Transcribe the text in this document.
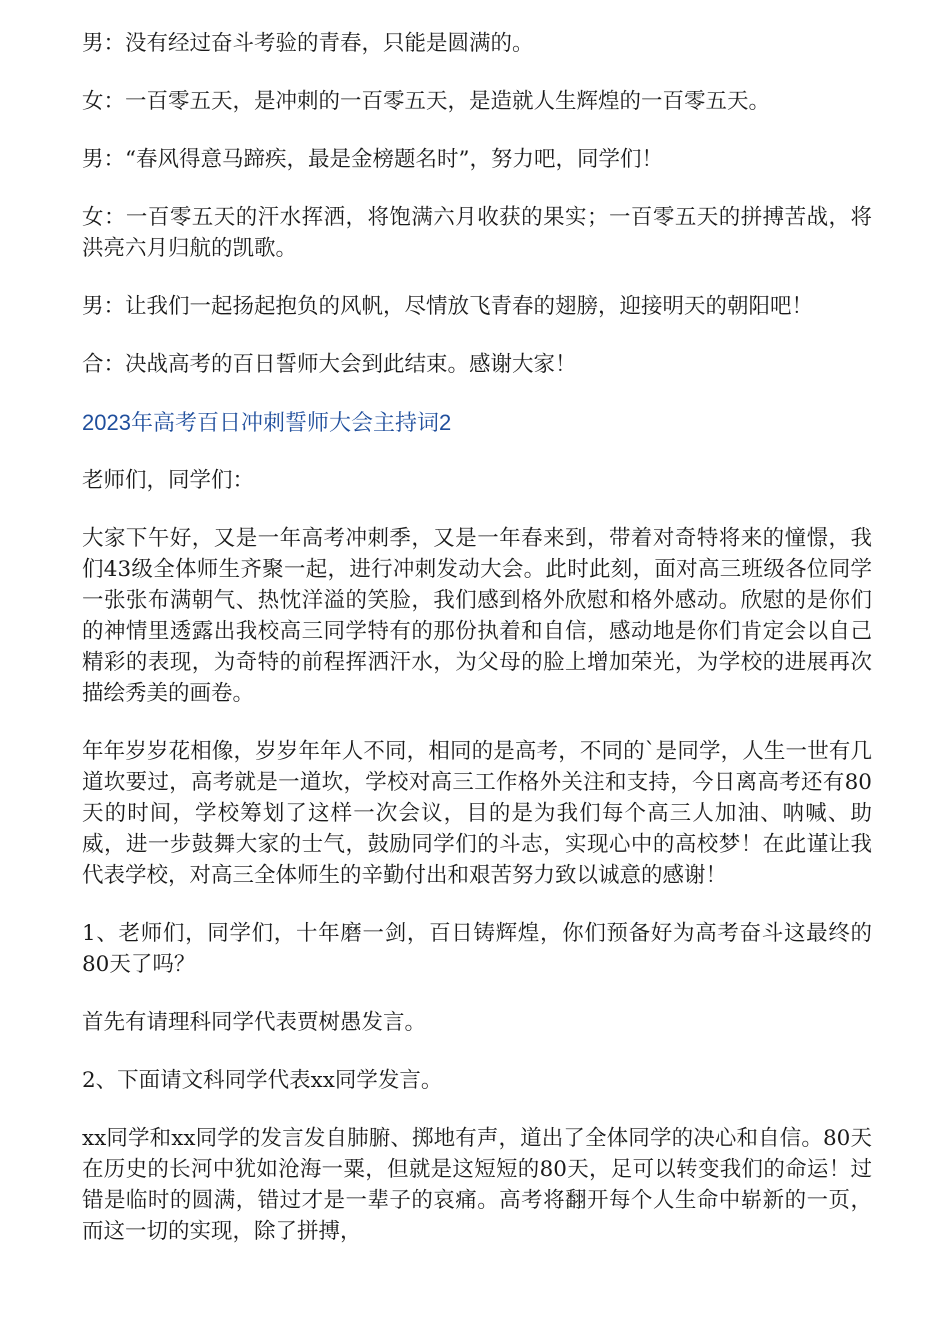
男：没有经过奋斗考验的青春，只能是圆满的。

女：一百零五天，是冲刺的一百零五天，是造就人生辉煌的一百零五天。

男：“春风得意马蹄疾，最是金榜题名时”，努力吧，同学们！

女：一百零五天的汗水挥洒，将饱满六月收获的果实；一百零五天的拼搏苦战，将洪亮六月归航的凯歌。

男：让我们一起扬起抱负的风帆，尽情放飞青春的翅膀，迎接明天的朝阳吧！

合：决战高考的百日誓师大会到此结束。感谢大家！

2023年高考百日冲刺誓师大会主持词2

老师们，同学们：

大家下午好，又是一年高考冲刺季，又是一年春来到，带着对奇特将来的憧憬，我们43级全体师生齐聚一起，进行冲刺发动大会。此时此刻，面对高三班级各位同学一张张布满朝气、热忱洋溢的笑脸，我们感到格外欣慰和格外感动。欣慰的是你们的神情里透露出我校高三同学特有的那份执着和自信，感动地是你们肯定会以自己精彩的表现，为奇特的前程挥洒汗水，为父母的脸上增加荣光，为学校的进展再次描绘秀美的画卷。

年年岁岁花相像，岁岁年年人不同，相同的是高考，不同的`是同学，人生一世有几道坎要过，高考就是一道坎，学校对高三工作格外关注和支持，今日离高考还有80天的时间，学校筹划了这样一次会议，目的是为我们每个高三人加油、呐喊、助威，进一步鼓舞大家的士气，鼓励同学们的斗志，实现心中的高校梦！在此谨让我代表学校，对高三全体师生的辛勤付出和艰苦努力致以诚意的感谢！

1、老师们，同学们，十年磨一剑，百日铸辉煌，你们预备好为高考奋斗这最终的80天了吗？

首先有请理科同学代表贾树愚发言。

2、下面请文科同学代表xx同学发言。

xx同学和xx同学的发言发自肺腑、掷地有声，道出了全体同学的决心和自信。80天在历史的长河中犹如沧海一粟，但就是这短短的80天，足可以转变我们的命运！过错是临时的圆满，错过才是一辈子的哀痛。高考将翻开每个人生命中崭新的一页，而这一切的实现，除了拼搏，
